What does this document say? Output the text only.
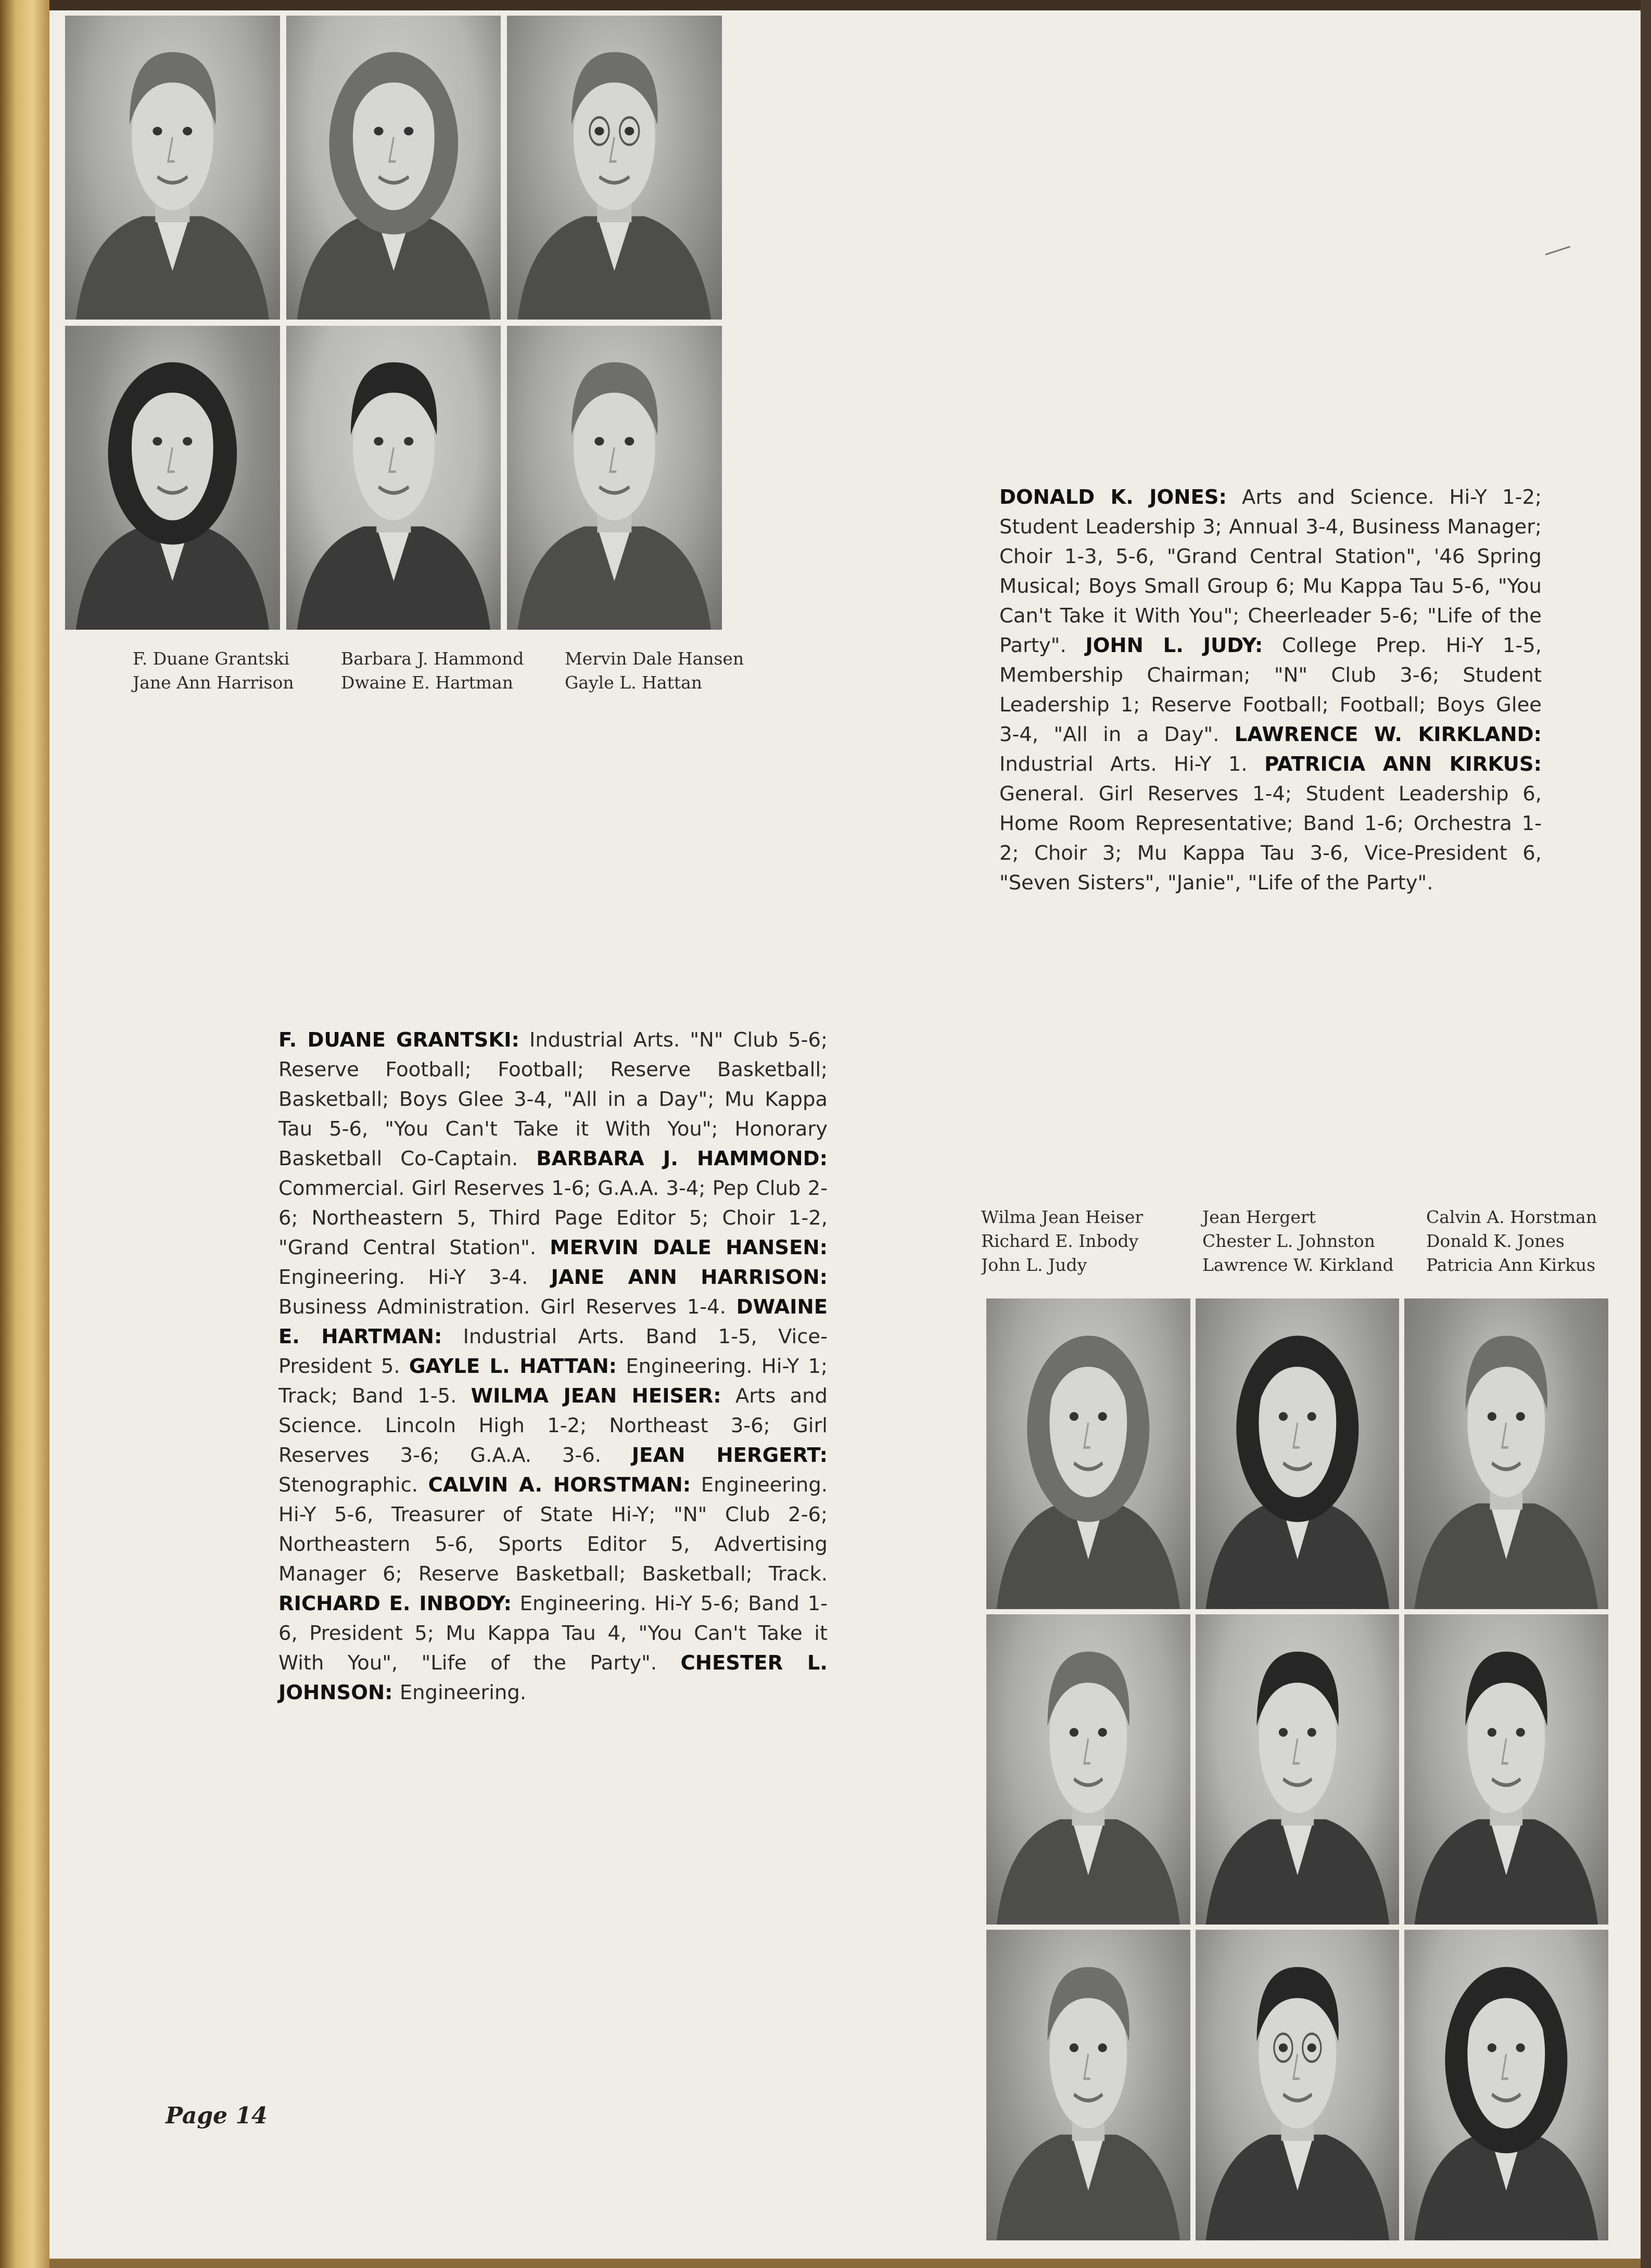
F. Duane Grantski
Jane Ann Harrison
Barbara J. Hammond
Dwaine E. Hartman
Mervin Dale Hansen
Gayle L. Hattan
DONALD K. JONES: Arts and Science. Hi-Y 1-2; Student Leadership 3; Annual 3-4, Business Manager; Choir 1-3, 5-6, "Grand Central Station", '46 Spring Musical; Boys Small Group 6; Mu Kappa Tau 5-6, "You Can't Take it With You"; Cheerleader 5-6; "Life of the Party". JOHN L. JUDY: College Prep. Hi-Y 1-5, Membership Chairman; "N" Club 3-6; Student Leadership 1; Reserve Football; Football; Boys Glee 3-4, "All in a Day". LAWRENCE W. KIRKLAND: Industrial Arts. Hi-Y 1. PATRICIA ANN KIRKUS: General. Girl Reserves 1-4; Student Leadership 6, Home Room Representative; Band 1-6; Orchestra 1-2; Choir 3; Mu Kappa Tau 3-6, Vice-President 6, "Seven Sisters", "Janie", "Life of the Party".
F. DUANE GRANTSKI: Industrial Arts. "N" Club 5-6; Reserve Football; Football; Reserve Basketball; Basketball; Boys Glee 3-4, "All in a Day"; Mu Kappa Tau 5-6, "You Can't Take it With You"; Honorary Basketball Co-Captain. BARBARA J. HAMMOND: Commercial. Girl Reserves 1-6; G.A.A. 3-4; Pep Club 2-6; Northeastern 5, Third Page Editor 5; Choir 1-2, "Grand Central Station". MERVIN DALE HANSEN: Engineering. Hi-Y 3-4. JANE ANN HARRISON: Business Administration. Girl Reserves 1-4. DWAINE E. HARTMAN: Industrial Arts. Band 1-5, Vice-President 5. GAYLE L. HATTAN: Engineering. Hi-Y 1; Track; Band 1-5. WILMA JEAN HEISER: Arts and Science. Lincoln High 1-2; Northeast 3-6; Girl Reserves 3-6; G.A.A. 3-6. JEAN HERGERT: Stenographic. CALVIN A. HORSTMAN: Engineering. Hi-Y 5-6, Treasurer of State Hi-Y; "N" Club 2-6; Northeastern 5-6, Sports Editor 5, Advertising Manager 6; Reserve Basketball; Basketball; Track. RICHARD E. INBODY: Engineering. Hi-Y 5-6; Band 1-6, President 5; Mu Kappa Tau 4, "You Can't Take it With You", "Life of the Party". CHESTER L. JOHNSON: Engineering.
Wilma Jean Heiser
Richard E. Inbody
John L. Judy
Jean Hergert
Chester L. Johnston
Lawrence W. Kirkland
Calvin A. Horstman
Donald K. Jones
Patricia Ann Kirkus
Page 14
